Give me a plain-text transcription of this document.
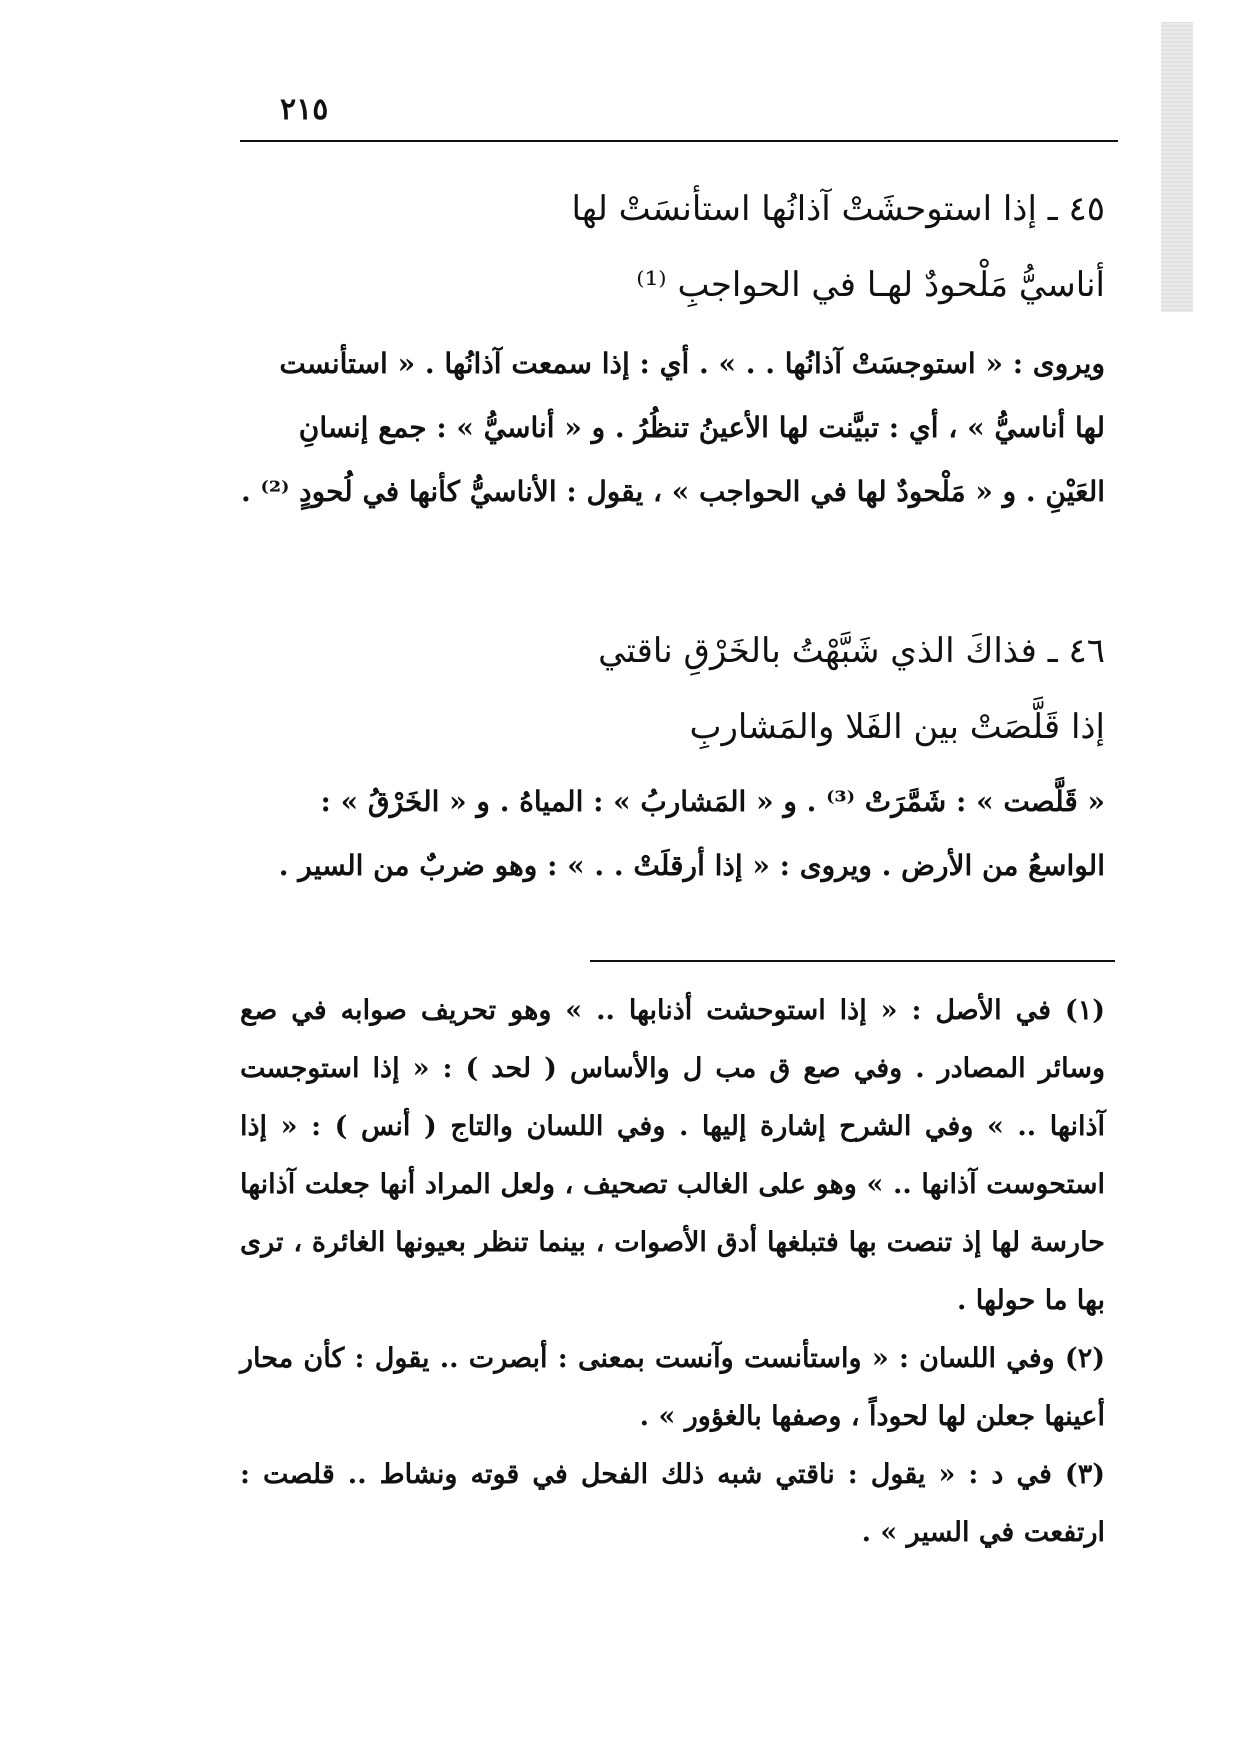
٢١٥
٤٥ ـ إذا استوحشَتْ آذانُها استأنسَتْ لها
أناسيُّ مَلْحودٌ لهـا في الحواجبِ ⁽¹⁾

ويروى : « استوجسَتْ آذانُها . . » . أي : إذا سمعت آذانُها . « استأنست لها أناسيُّ » ، أي : تبيَّنت لها الأعينُ تنظُرُ . و « أناسيُّ » : جمع إنسانِ العَيْنِ . و « مَلْحودٌ لها في الحواجب » ، يقول : الأناسيُّ كأنها في لُحودٍ ⁽²⁾ .

٤٦ ـ فذاكَ الذي شَبَّهْتُ بالخَرْقِ ناقتي
إذا قَلَّصَتْ بين الفَلا والمَشاربِ

« قَلَّصت » : شَمَّرَتْ ⁽³⁾ . و « المَشاربُ » : المياهُ . و « الخَرْقُ » : الواسعُ من الأرض . ويروى : « إذا أرقلَتْ . . » : وهو ضربٌ من السير .

(١) في الأصل : « إذا استوحشت أذنابها .. » وهو تحريف صوابه في صع وسائر المصادر . وفي صع ق مب ل والأساس ( لحد ) : « إذا استوجست آذانها .. » وفي الشرح إشارة إليها . وفي اللسان والتاج ( أنس ) : « إذا استحوست آذانها .. » وهو على الغالب تصحيف ، ولعل المراد أنها جعلت آذانها حارسة لها إذ تنصت بها فتبلغها أدق الأصوات ، بينما تنظر بعيونها الغائرة ، ترى بها ما حولها .

(٢) وفي اللسان : « واستأنست وآنست بمعنى : أبصرت .. يقول : كأن محار أعينها جعلن لها لحوداً ، وصفها بالغؤور » .

(٣) في د : « يقول : ناقتي شبه ذلك الفحل في قوته ونشاط .. قلصت : ارتفعت في السير » .
